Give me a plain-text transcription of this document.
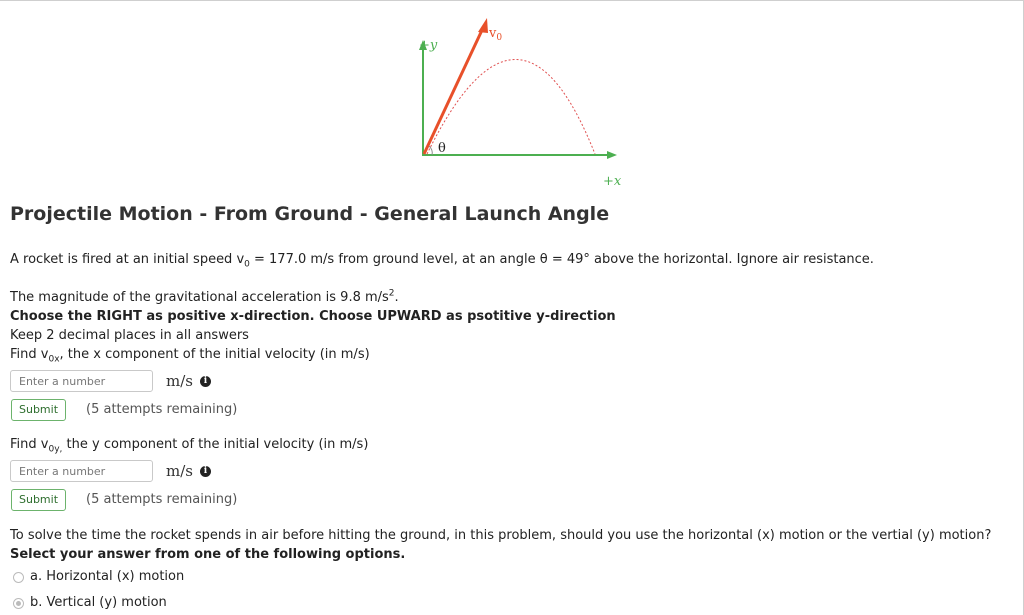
+y
+x
$v_0$
θ
Projectile Motion - From Ground - General Launch Angle
A rocket is fired at an initial speed $v_0 = 177.0$ m/s from ground level, at an angle θ = 49° above the horizontal. Ignore air resistance.
The magnitude of the gravitational acceleration is 9.8 $m/s^2$.
Choose the RIGHT as positive x-direction. Choose UPWARD as psotitive y-direction
Keep 2 decimal places in all answers
Find $v_{0x}$, the x component of the initial velocity (in m/s)
Enter a number
m/s	i
Submit	(5 attempts remaining)
Find $v_{0y,}$ the y component of the initial velocity (in m/s)
Enter a number
m/s	i
Submit	(5 attempts remaining)
To solve the time the rocket spends in air before hitting the ground, in this problem, should you use the horizontal (x) motion or the vertial (y) motion?
Select your answer from one of the following options.
a. Horizontal (x) motion
b. Vertical (y) motion
